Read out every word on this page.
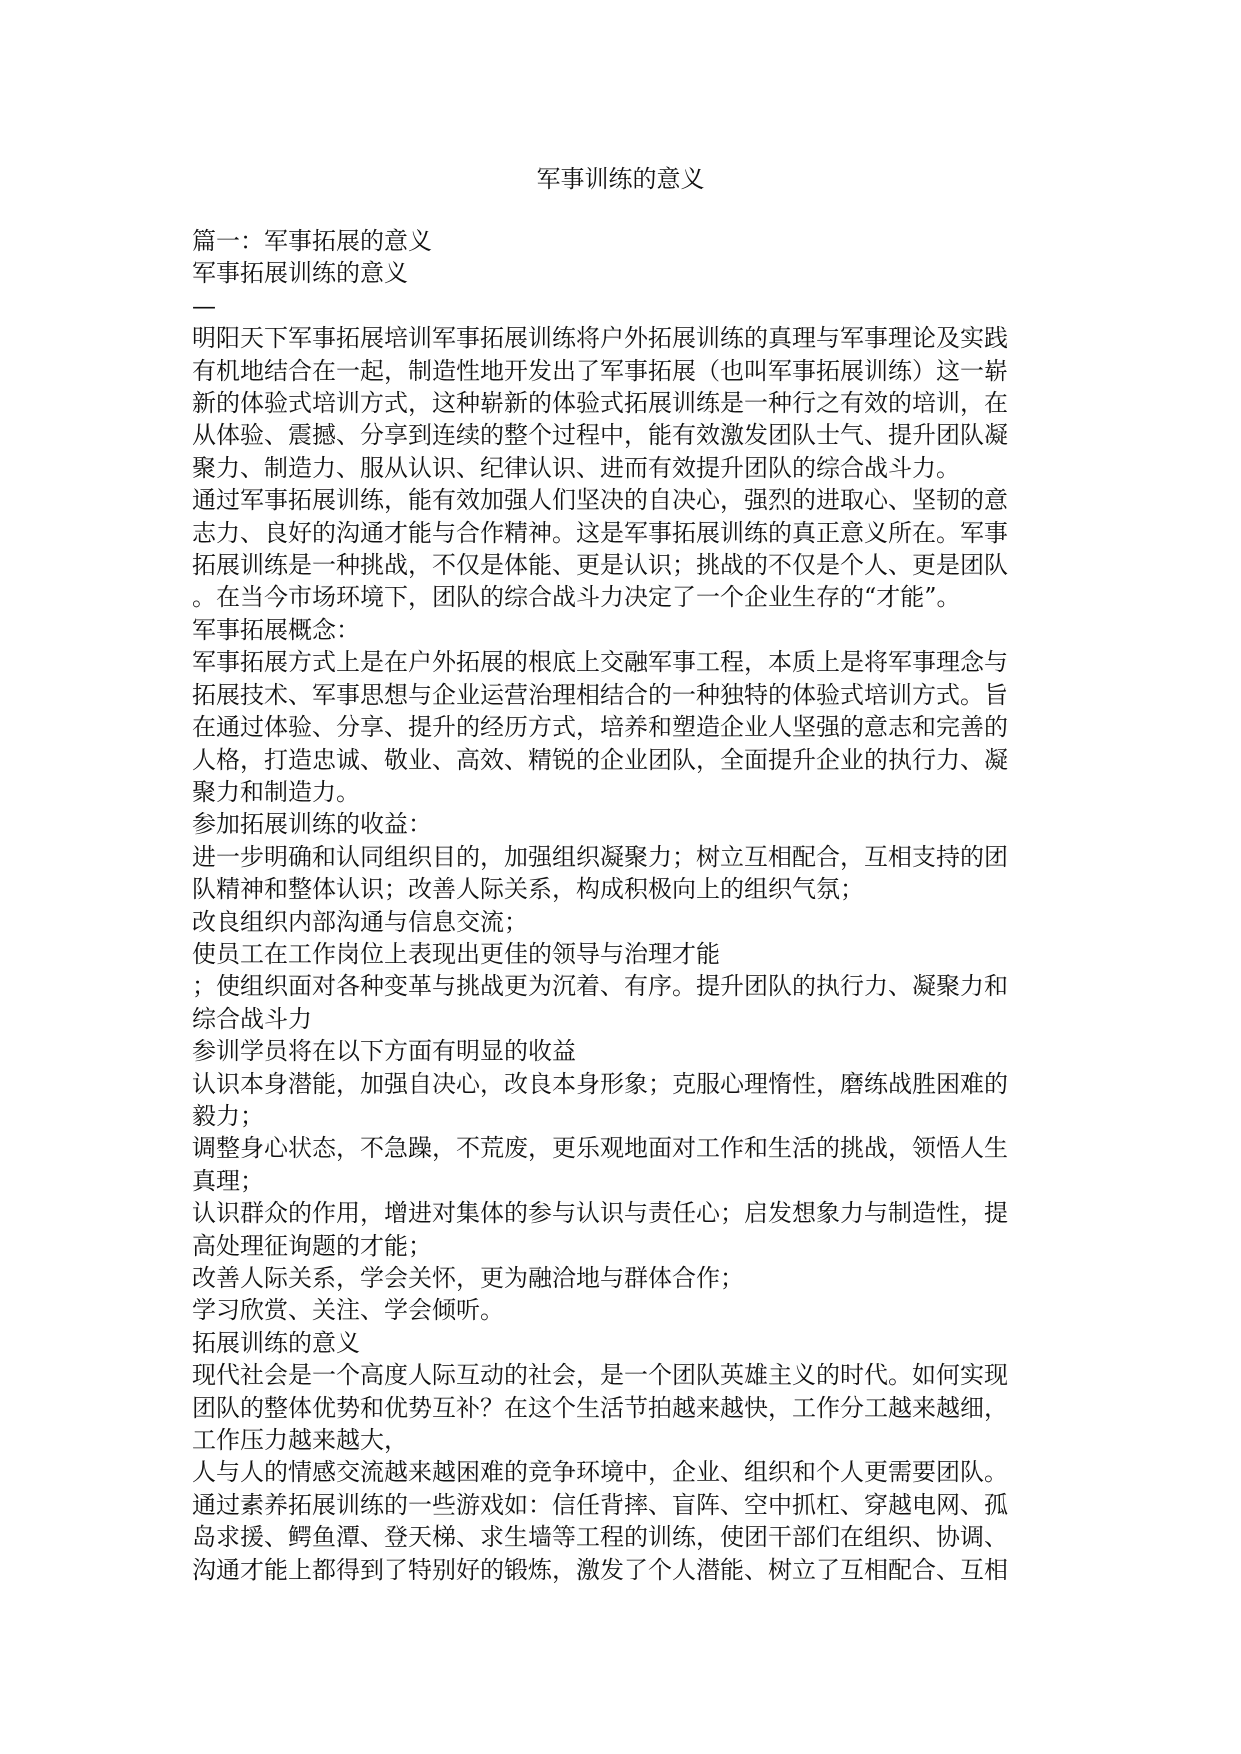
军事训练的意义

篇一：军事拓展的意义

军事拓展训练的意义

—

明阳天下军事拓展培训军事拓展训练将户外拓展训练的真理与军事理论及实践

有机地结合在一起，制造性地开发出了军事拓展（也叫军事拓展训练）这一崭

新的体验式培训方式，这种崭新的体验式拓展训练是一种行之有效的培训，在

从体验、震撼、分享到连续的整个过程中，能有效激发团队士气、提升团队凝

聚力、制造力、服从认识、纪律认识、进而有效提升团队的综合战斗力。

通过军事拓展训练，能有效加强人们坚决的自决心，强烈的进取心、坚韧的意

志力、良好的沟通才能与合作精神。这是军事拓展训练的真正意义所在。军事

拓展训练是一种挑战，不仅是体能、更是认识；挑战的不仅是个人、更是团队

。在当今市场环境下，团队的综合战斗力决定了一个企业生存的“才能”。

军事拓展概念：

军事拓展方式上是在户外拓展的根底上交融军事工程，本质上是将军事理念与

拓展技术、军事思想与企业运营治理相结合的一种独特的体验式培训方式。旨

在通过体验、分享、提升的经历方式，培养和塑造企业人坚强的意志和完善的

人格，打造忠诚、敬业、高效、精锐的企业团队，全面提升企业的执行力、凝

聚力和制造力。

参加拓展训练的收益：

进一步明确和认同组织目的，加强组织凝聚力；树立互相配合，互相支持的团

队精神和整体认识；改善人际关系，构成积极向上的组织气氛；

改良组织内部沟通与信息交流；

使员工在工作岗位上表现出更佳的领导与治理才能

；使组织面对各种变革与挑战更为沉着、有序。提升团队的执行力、凝聚力和

综合战斗力

参训学员将在以下方面有明显的收益

认识本身潜能，加强自决心，改良本身形象；克服心理惰性，磨练战胜困难的

毅力；

调整身心状态，不急躁，不荒废，更乐观地面对工作和生活的挑战，领悟人生

真理；

认识群众的作用，增进对集体的参与认识与责任心；启发想象力与制造性，提

高处理征询题的才能；

改善人际关系，学会关怀，更为融洽地与群体合作；

学习欣赏、关注、学会倾听。

拓展训练的意义

现代社会是一个高度人际互动的社会，是一个团队英雄主义的时代。如何实现

团队的整体优势和优势互补？在这个生活节拍越来越快，工作分工越来越细，

工作压力越来越大，

人与人的情感交流越来越困难的竞争环境中，企业、组织和个人更需要团队。

通过素养拓展训练的一些游戏如：信任背摔、盲阵、空中抓杠、穿越电网、孤

岛求援、鳄鱼潭、登天梯、求生墙等工程的训练，使团干部们在组织、协调、

沟通才能上都得到了特别好的锻炼，激发了个人潜能、树立了互相配合、互相
